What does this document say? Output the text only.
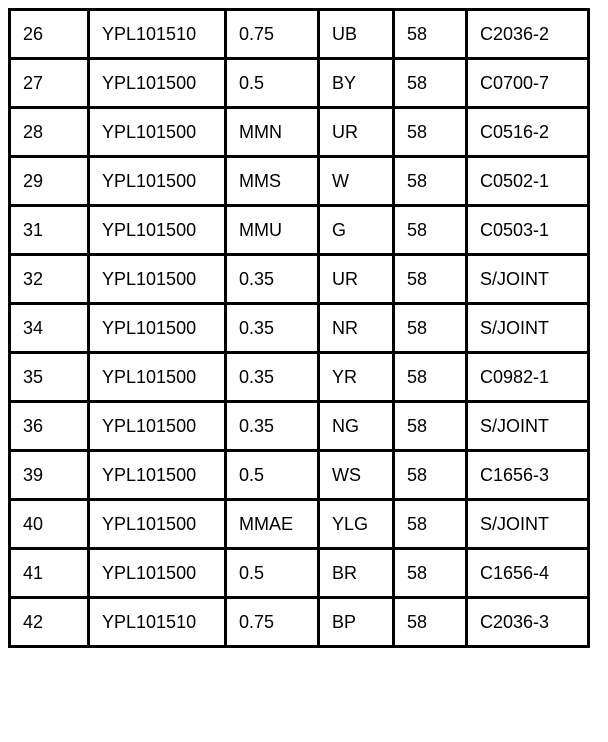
26	YPL101510	0.75	UB	58	C2036-2
27	YPL101500	0.5	BY	58	C0700-7
28	YPL101500	MMN	UR	58	C0516-2
29	YPL101500	MMS	W	58	C0502-1
31	YPL101500	MMU	G	58	C0503-1
32	YPL101500	0.35	UR	58	S/JOINT
34	YPL101500	0.35	NR	58	S/JOINT
35	YPL101500	0.35	YR	58	C0982-1
36	YPL101500	0.35	NG	58	S/JOINT
39	YPL101500	0.5	WS	58	C1656-3
40	YPL101500	MMAE	YLG	58	S/JOINT
41	YPL101500	0.5	BR	58	C1656-4
42	YPL101510	0.75	BP	58	C2036-3
